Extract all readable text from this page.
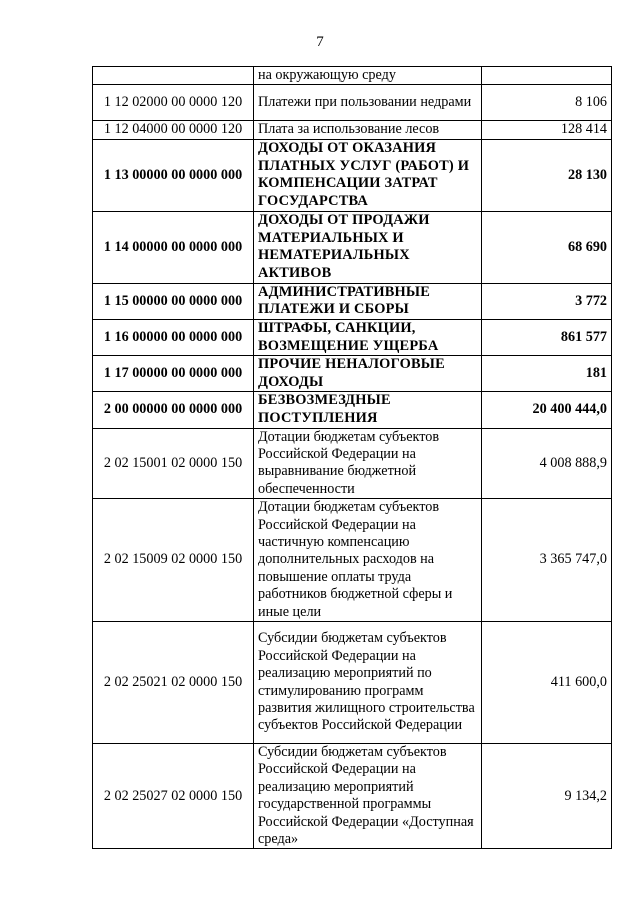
7
	на окружающую среду	
1 12 02000 00 0000 120	Платежи при пользовании недрами	8 106
1 12 04000 00 0000 120	Плата за использование лесов	128 414
1 13 00000 00 0000 000	ДОХОДЫ ОТ ОКАЗАНИЯ ПЛАТНЫХ УСЛУГ (РАБОТ) И КОМПЕНСАЦИИ ЗАТРАТ ГОСУДАРСТВА	28 130
1 14 00000 00 0000 000	ДОХОДЫ ОТ ПРОДАЖИ МАТЕРИАЛЬНЫХ И НЕМАТЕРИАЛЬНЫХ АКТИВОВ	68 690
1 15 00000 00 0000 000	АДМИНИСТРАТИВНЫЕ ПЛАТЕЖИ И СБОРЫ	3 772
1 16 00000 00 0000 000	ШТРАФЫ, САНКЦИИ, ВОЗМЕЩЕНИЕ УЩЕРБА	861 577
1 17 00000 00 0000 000	ПРОЧИЕ НЕНАЛОГОВЫЕ ДОХОДЫ	181
2 00 00000 00 0000 000	БЕЗВОЗМЕЗДНЫЕ ПОСТУПЛЕНИЯ	20 400 444,0
2 02 15001 02 0000 150	Дотации бюджетам субъектов Российской Федерации на выравнивание бюджетной обеспеченности	4 008 888,9
2 02 15009 02 0000 150	Дотации бюджетам субъектов Российской Федерации на частичную компенсацию дополнительных расходов на повышение оплаты труда работников бюджетной сферы и иные цели	3 365 747,0
2 02 25021 02 0000 150	Субсидии бюджетам субъектов Российской Федерации на реализацию мероприятий по стимулированию программ развития жилищного строительства субъектов Российской Федерации	411 600,0
2 02 25027 02 0000 150	Субсидии бюджетам субъектов Российской Федерации на реализацию мероприятий государственной программы Российской Федерации «Доступная среда»	9 134,2
